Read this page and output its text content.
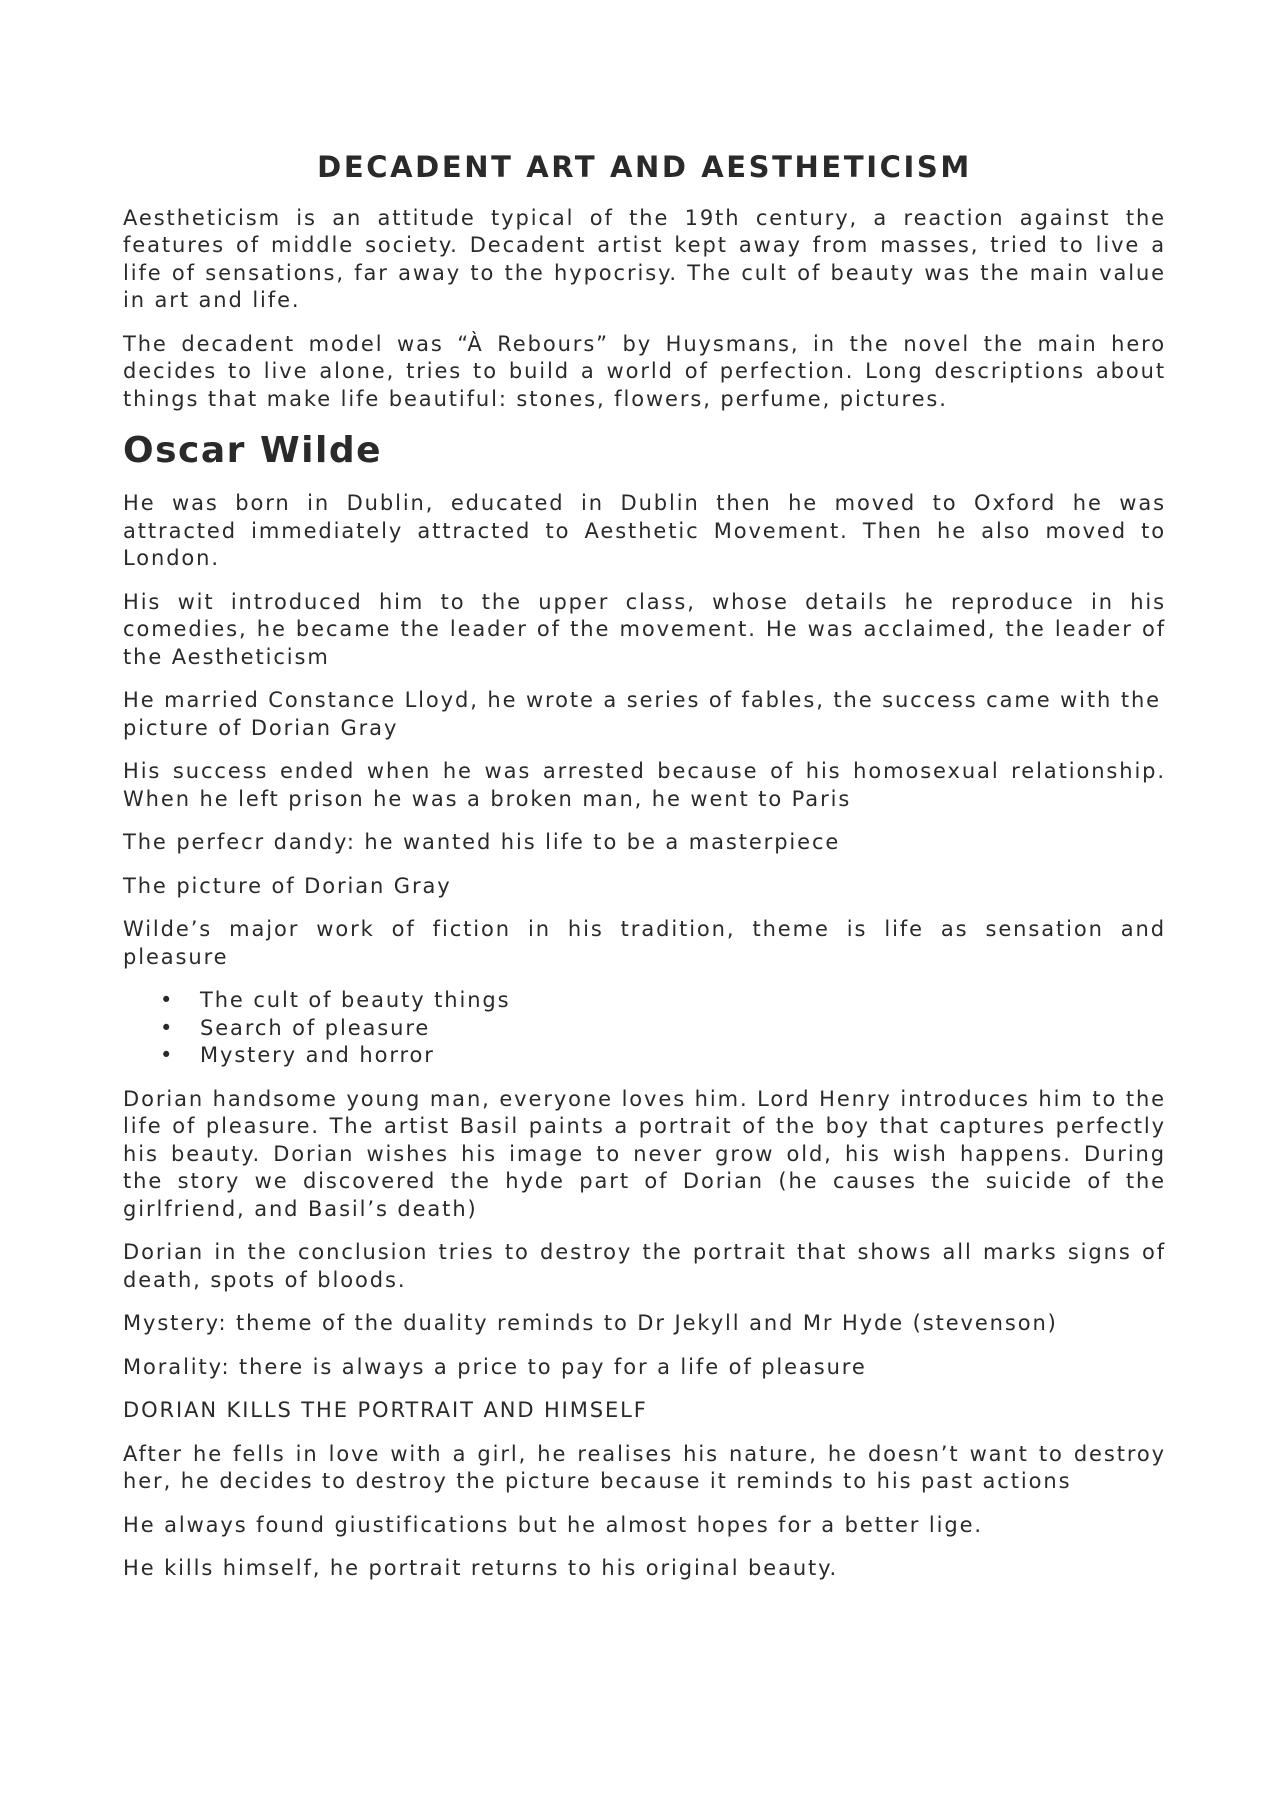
DECADENT ART AND AESTHETICISM

Aestheticism is an attitude typical of the 19th century, a reaction against the features of middle society. Decadent artist kept away from masses, tried to live a life of sensations, far away to the hypocrisy. The cult of beauty was the main value in art and life.

The decadent model was “À Rebours” by Huysmans, in the novel the main hero decides to live alone, tries to build a world of perfection. Long descriptions about things that make life beautiful: stones, flowers, perfume, pictures.

Oscar Wilde

He was born in Dublin, educated in Dublin then he moved to Oxford he was attracted immediately attracted to Aesthetic Movement. Then he also moved to London.

His wit introduced him to the upper class, whose details he reproduce in his comedies, he became the leader of the movement. He was acclaimed, the leader of the Aestheticism

He married Constance Lloyd, he wrote a series of fables, the success came with the picture of Dorian Gray

His success ended when he was arrested because of his homosexual relationship. When he left prison he was a broken man, he went to Paris

The perfecr dandy: he wanted his life to be a masterpiece

The picture of Dorian Gray

Wilde’s major work of fiction in his tradition, theme is life as sensation and pleasure

• The cult of beauty things
• Search of pleasure
• Mystery and horror

Dorian handsome young man, everyone loves him. Lord Henry introduces him to the life of pleasure. The artist Basil paints a portrait of the boy that captures perfectly his beauty. Dorian wishes his image to never grow old, his wish happens. During the story we discovered the hyde part of Dorian (he causes the suicide of the girlfriend, and Basil’s death)

Dorian in the conclusion tries to destroy the portrait that shows all marks signs of death, spots of bloods.

Mystery: theme of the duality reminds to Dr Jekyll and Mr Hyde (stevenson)

Morality: there is always a price to pay for a life of pleasure

DORIAN KILLS THE PORTRAIT AND HIMSELF

After he fells in love with a girl, he realises his nature, he doesn’t want to destroy her, he decides to destroy the picture because it reminds to his past actions

He always found giustifications but he almost hopes for a better lige.

He kills himself, he portrait returns to his original beauty.
